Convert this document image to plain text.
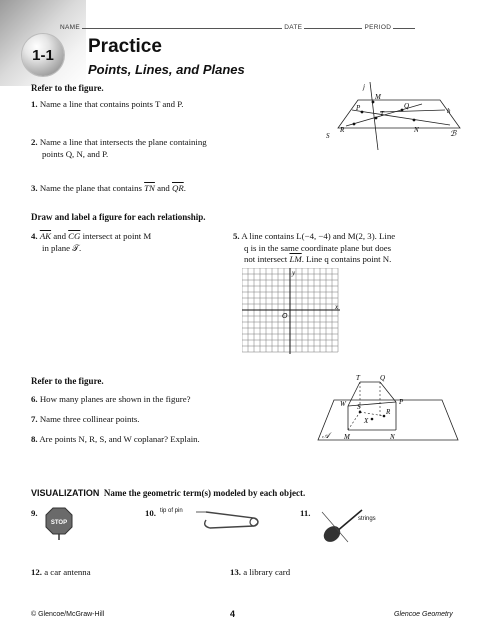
1-1
NAME	DATE	PERIOD
Practice
Points, Lines, and Planes
Refer to the figure.
1. Name a line that contains points T and P.
2. Name a line that intersects the plane containing
points Q, N, and P.
3. Name the plane that contains $\overline{TN}$ and $\overline{QR}$.
j
M
P
T
Q
h
R	N
S	ℬ
Draw and label a figure for each relationship.
4. $\overline{AK}$ and $\overline{CG}$ intersect at point M
in plane 𝒯.
5. A line contains L(−4, −4) and M(2, 3). Line
q is in the same coordinate plane but does
not intersect $\overline{LM}$. Line q contains point N.
y
x
O
Refer to the figure.
6. How many planes are shown in the figure?
7. Name three collinear points.
8. Are points N, R, S, and W coplanar? Explain.
T	Q
W	P
S
R
X
M	N
𝒜
VISUALIZATION Name the geometric term(s) modeled by each object.
9.
STOP
10. tip of pin	11.
strings
12. a car antenna	13. a library card
© Glencoe/McGraw-Hill	4	Glencoe Geometry
